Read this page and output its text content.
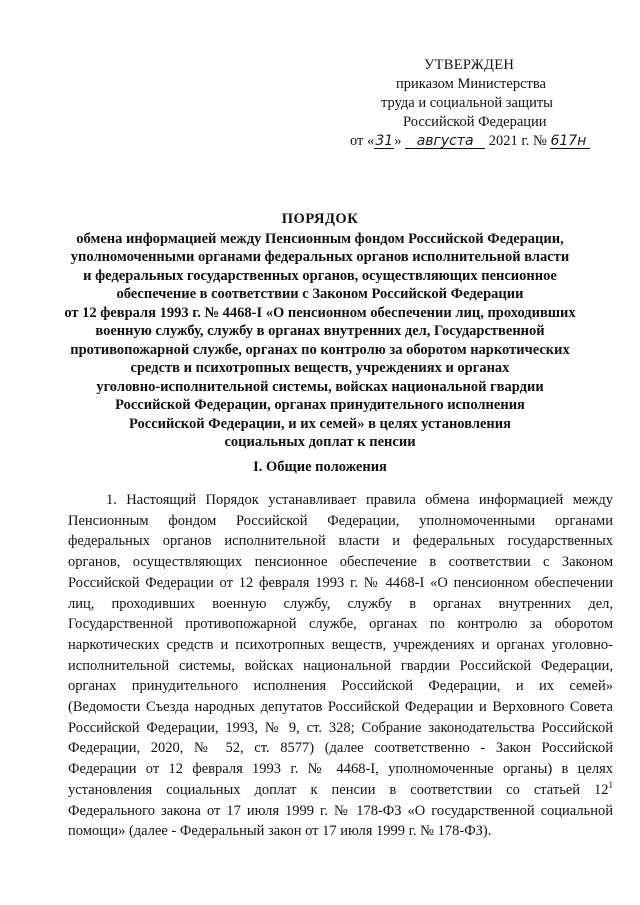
УТВЕРЖДЕН
приказом Министерства
труда и социальной защиты
Российской Федерации
от «31» августа 2021 г. № 617н
ПОРЯДОК
обмена информацией между Пенсионным фондом Российской Федерации,
уполномоченными органами федеральных органов исполнительной власти
и федеральных государственных органов, осуществляющих пенсионное
обеспечение в соответствии с Законом Российской Федерации
от 12 февраля 1993 г. № 4468-I «О пенсионном обеспечении лиц, проходивших
военную службу, службу в органах внутренних дел, Государственной
противопожарной службе, органах по контролю за оборотом наркотических
средств и психотропных веществ, учреждениях и органах
уголовно-исполнительной системы, войсках национальной гвардии
Российской Федерации, органах принудительного исполнения
Российской Федерации, и их семей» в целях установления
социальных доплат к пенсии
I. Общие положения
1. Настоящий Порядок устанавливает правила обмена информацией между
Пенсионным фондом Российской Федерации, уполномоченными органами
федеральных органов исполнительной власти и федеральных государственных
органов, осуществляющих пенсионное обеспечение в соответствии с Законом
Российской Федерации от 12 февраля 1993 г. № 4468-I «О пенсионном обеспечении
лиц, проходивших военную службу, службу в органах внутренних дел,
Государственной противопожарной службе, органах по контролю за оборотом
наркотических средств и психотропных веществ, учреждениях и органах уголовно-
исполнительной системы, войсках национальной гвардии Российской Федерации,
органах принудительного исполнения Российской Федерации, и их семей»
(Ведомости Съезда народных депутатов Российской Федерации и Верховного Совета
Российской Федерации, 1993, № 9, ст. 328; Собрание законодательства Российской
Федерации, 2020, № 52, ст. 8577) (далее соответственно - Закон Российской
Федерации от 12 февраля 1993 г. № 4468-I, уполномоченные органы) в целях
установления социальных доплат к пенсии в соответствии со статьей $12^1$
Федерального закона от 17 июля 1999 г. № 178-ФЗ «О государственной социальной
помощи» (далее - Федеральный закон от 17 июля 1999 г. № 178-ФЗ).
